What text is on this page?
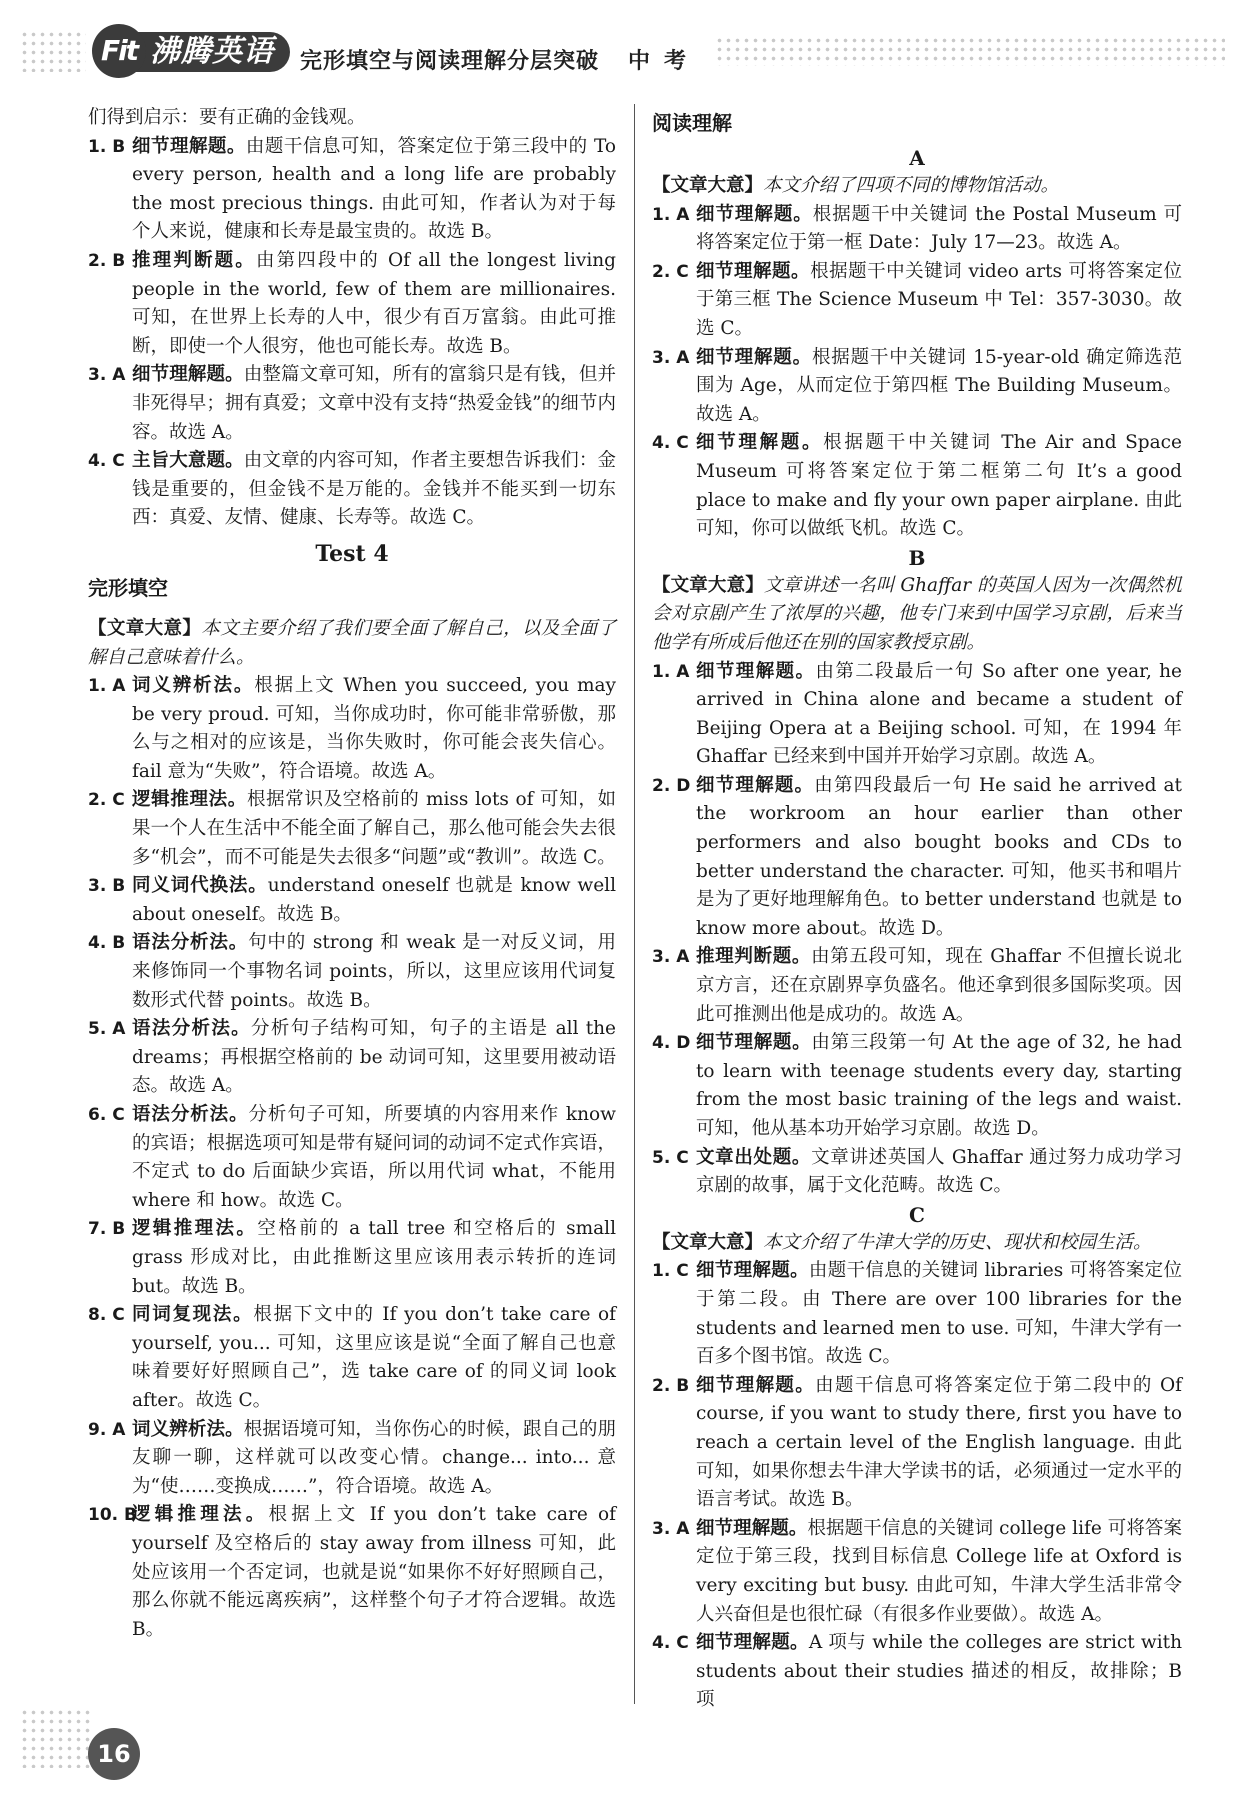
Fit 沸腾英语 完形填空与阅读理解分层突破 中考

们得到启示：要有正确的金钱观。

1. B 细节理解题。由题干信息可知，答案定位于第三段中的 To every person, health and a long life are probably the most precious things. 由此可知，作者认为对于每个人来说，健康和长寿是最宝贵的。故选 B。
2. B 推理判断题。由第四段中的 Of all the longest living people in the world, few of them are millionaires. 可知，在世界上长寿的人中，很少有百万富翁。由此可推断，即使一个人很穷，他也可能长寿。故选 B。
3. A 细节理解题。由整篇文章可知，所有的富翁只是有钱，但并非死得早；拥有真爱；文章中没有支持“热爱金钱”的细节内容。故选 A。
4. C 主旨大意题。由文章的内容可知，作者主要想告诉我们：金钱是重要的，但金钱不是万能的。金钱并不能买到一切东西：真爱、友情、健康、长寿等。故选 C。
Test 4
完形填空
【文章大意】本文主要介绍了我们要全面了解自己，以及全面了解自己意味着什么。
1. A 词义辨析法。根据上文 When you succeed, you may be very proud. 可知，当你成功时，你可能非常骄傲，那么与之相对的应该是，当你失败时，你可能会丧失信心。fail 意为“失败”，符合语境。故选 A。
2. C 逻辑推理法。根据常识及空格前的 miss lots of 可知，如果一个人在生活中不能全面了解自己，那么他可能会失去很多“机会”，而不可能是失去很多“问题”或“教训”。故选 C。
3. B 同义词代换法。understand oneself 也就是 know well about oneself。故选 B。
4. B 语法分析法。句中的 strong 和 weak 是一对反义词，用来修饰同一个事物名词 points，所以，这里应该用代词复数形式代替 points。故选 B。
5. A 语法分析法。分析句子结构可知，句子的主语是 all the dreams；再根据空格前的 be 动词可知，这里要用被动语态。故选 A。
6. C 语法分析法。分析句子可知，所要填的内容用来作 know 的宾语；根据选项可知是带有疑问词的动词不定式作宾语，不定式 to do 后面缺少宾语，所以用代词 what，不能用 where 和 how。故选 C。
7. B 逻辑推理法。空格前的 a tall tree 和空格后的 small grass 形成对比，由此推断这里应该用表示转折的连词 but。故选 B。
8. C 同词复现法。根据下文中的 If you don’t take care of yourself, you... 可知，这里应该是说“全面了解自己也意味着要好好照顾自己”，选 take care of 的同义词 look after。故选 C。
9. A 词义辨析法。根据语境可知，当你伤心的时候，跟自己的朋友聊一聊，这样就可以改变心情。change... into... 意为“使……变换成……”，符合语境。故选 A。
10. B
逻辑推理法。根据上文 If you don’t take care of yourself 及空格后的 stay away from illness 可知，此处应该用一个否定词，也就是说“如果你不好好照顾自己，那么你就不能远离疾病”，这样整个句子才符合逻辑。故选 B。
阅读理解
A
【文章大意】本文介绍了四项不同的博物馆活动。
1. A 细节理解题。根据题干中关键词 the Postal Museum 可将答案定位于第一框 Date：July 17—23。故选 A。
2. C 细节理解题。根据题干中关键词 video arts 可将答案定位于第三框 The Science Museum 中 Tel：357-3030。故选 C。
3. A 细节理解题。根据题干中关键词 15-year-old 确定筛选范围为 Age，从而定位于第四框 The Building Museum。故选 A。
4. C 细节理解题。根据题干中关键词 The Air and Space Museum 可将答案定位于第二框第二句 It’s a good place to make and fly your own paper airplane. 由此可知，你可以做纸飞机。故选 C。
B
【文章大意】文章讲述一名叫 Ghaffar 的英国人因为一次偶然机会对京剧产生了浓厚的兴趣，他专门来到中国学习京剧，后来当他学有所成后他还在别的国家教授京剧。
1. A 细节理解题。由第二段最后一句 So after one year, he arrived in China alone and became a student of Beijing Opera at a Beijing school. 可知，在 1994 年 Ghaffar 已经来到中国并开始学习京剧。故选 A。
2. D 细节理解题。由第四段最后一句 He said he arrived at the workroom an hour earlier than other performers and also bought books and CDs to better understand the character. 可知，他买书和唱片是为了更好地理解角色。to better understand 也就是 to know more about。故选 D。
3. A 推理判断题。由第五段可知，现在 Ghaffar 不但擅长说北京方言，还在京剧界享负盛名。他还拿到很多国际奖项。因此可推测出他是成功的。故选 A。
4. D 细节理解题。由第三段第一句 At the age of 32, he had to learn with teenage students every day, starting from the most basic training of the legs and waist. 可知，他从基本功开始学习京剧。故选 D。
5. C 文章出处题。文章讲述英国人 Ghaffar 通过努力成功学习京剧的故事，属于文化范畴。故选 C。
C
【文章大意】本文介绍了牛津大学的历史、现状和校园生活。
1. C 细节理解题。由题干信息的关键词 libraries 可将答案定位于第二段。由 There are over 100 libraries for the students and learned men to use. 可知，牛津大学有一百多个图书馆。故选 C。
2. B 细节理解题。由题干信息可将答案定位于第二段中的 Of course, if you want to study there, first you have to reach a certain level of the English language. 由此可知，如果你想去牛津大学读书的话，必须通过一定水平的语言考试。故选 B。
3. A 细节理解题。根据题干信息的关键词 college life 可将答案定位于第三段，找到目标信息 College life at Oxford is very exciting but busy. 由此可知，牛津大学生活非常令人兴奋但是也很忙碌（有很多作业要做）。故选 A。
4. C 细节理解题。A 项与 while the colleges are strict with students about their studies 描述的相反，故排除；B 项
16
